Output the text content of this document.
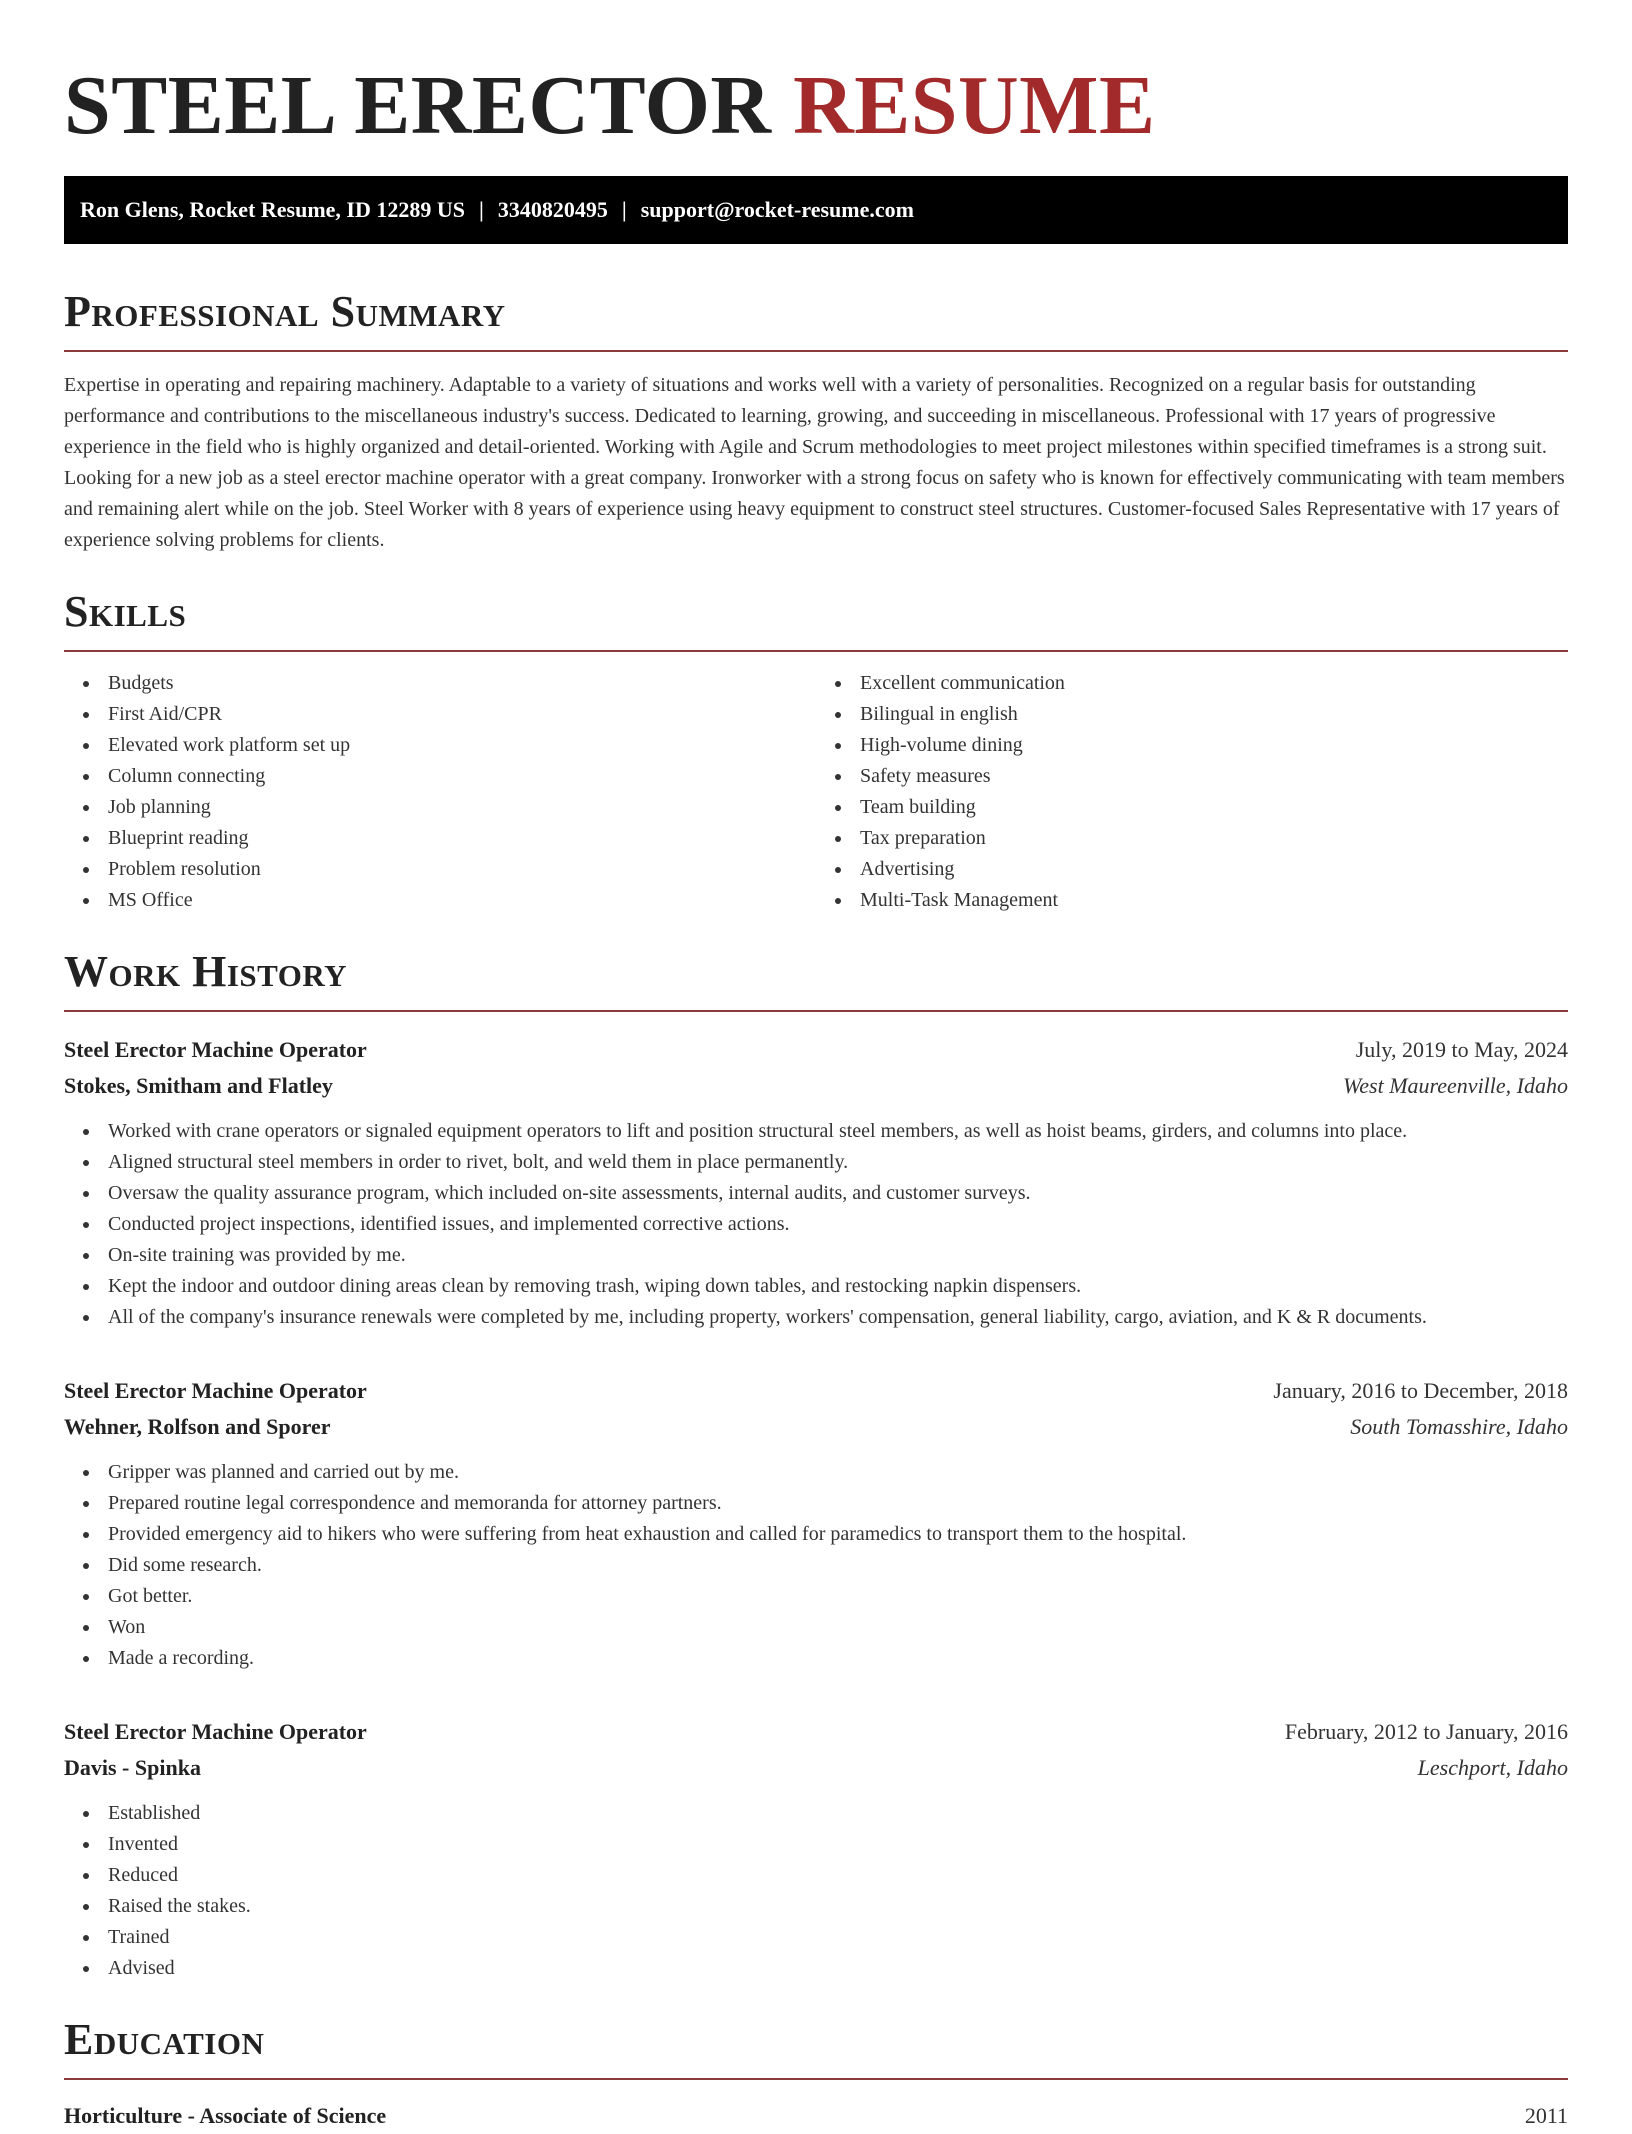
STEEL ERECTOR RESUME
Ron Glens, Rocket Resume, ID 12289 US | 3340820495 | support@rocket-resume.com
Professional Summary

Expertise in operating and repairing machinery. Adaptable to a variety of situations and works well with a variety of personalities. Recognized on a regular basis for outstanding performance and contributions to the miscellaneous industry's success. Dedicated to learning, growing, and succeeding in miscellaneous. Professional with 17 years of progressive experience in the field who is highly organized and detail-oriented. Working with Agile and Scrum methodologies to meet project milestones within specified timeframes is a strong suit. Looking for a new job as a steel erector machine operator with a great company. Ironworker with a strong focus on safety who is known for effectively communicating with team members and remaining alert while on the job. Steel Worker with 8 years of experience using heavy equipment to construct steel structures. Customer-focused Sales Representative with 17 years of experience solving problems for clients.

Skills
Budgets
First Aid/CPR
Elevated work platform set up
Column connecting
Job planning
Blueprint reading
Problem resolution
MS Office
Excellent communication
Bilingual in english
High-volume dining
Safety measures
Team building
Tax preparation
Advertising
Multi-Task Management
Work History
Steel Erector Machine Operator	July, 2019 to May, 2024
Stokes, Smitham and Flatley	West Maureenville, Idaho
Worked with crane operators or signaled equipment operators to lift and position structural steel members, as well as hoist beams, girders, and columns into place.
Aligned structural steel members in order to rivet, bolt, and weld them in place permanently.
Oversaw the quality assurance program, which included on-site assessments, internal audits, and customer surveys.
Conducted project inspections, identified issues, and implemented corrective actions.
On-site training was provided by me.
Kept the indoor and outdoor dining areas clean by removing trash, wiping down tables, and restocking napkin dispensers.
All of the company's insurance renewals were completed by me, including property, workers' compensation, general liability, cargo, aviation, and K & R documents.
Steel Erector Machine Operator	January, 2016 to December, 2018
Wehner, Rolfson and Sporer	South Tomasshire, Idaho
Gripper was planned and carried out by me.
Prepared routine legal correspondence and memoranda for attorney partners.
Provided emergency aid to hikers who were suffering from heat exhaustion and called for paramedics to transport them to the hospital.
Did some research.
Got better.
Won
Made a recording.
Steel Erector Machine Operator	February, 2012 to January, 2016
Davis - Spinka	Leschport, Idaho
Established
Invented
Reduced
Raised the stakes.
Trained
Advised
Education
Horticulture - Associate of Science	2011
